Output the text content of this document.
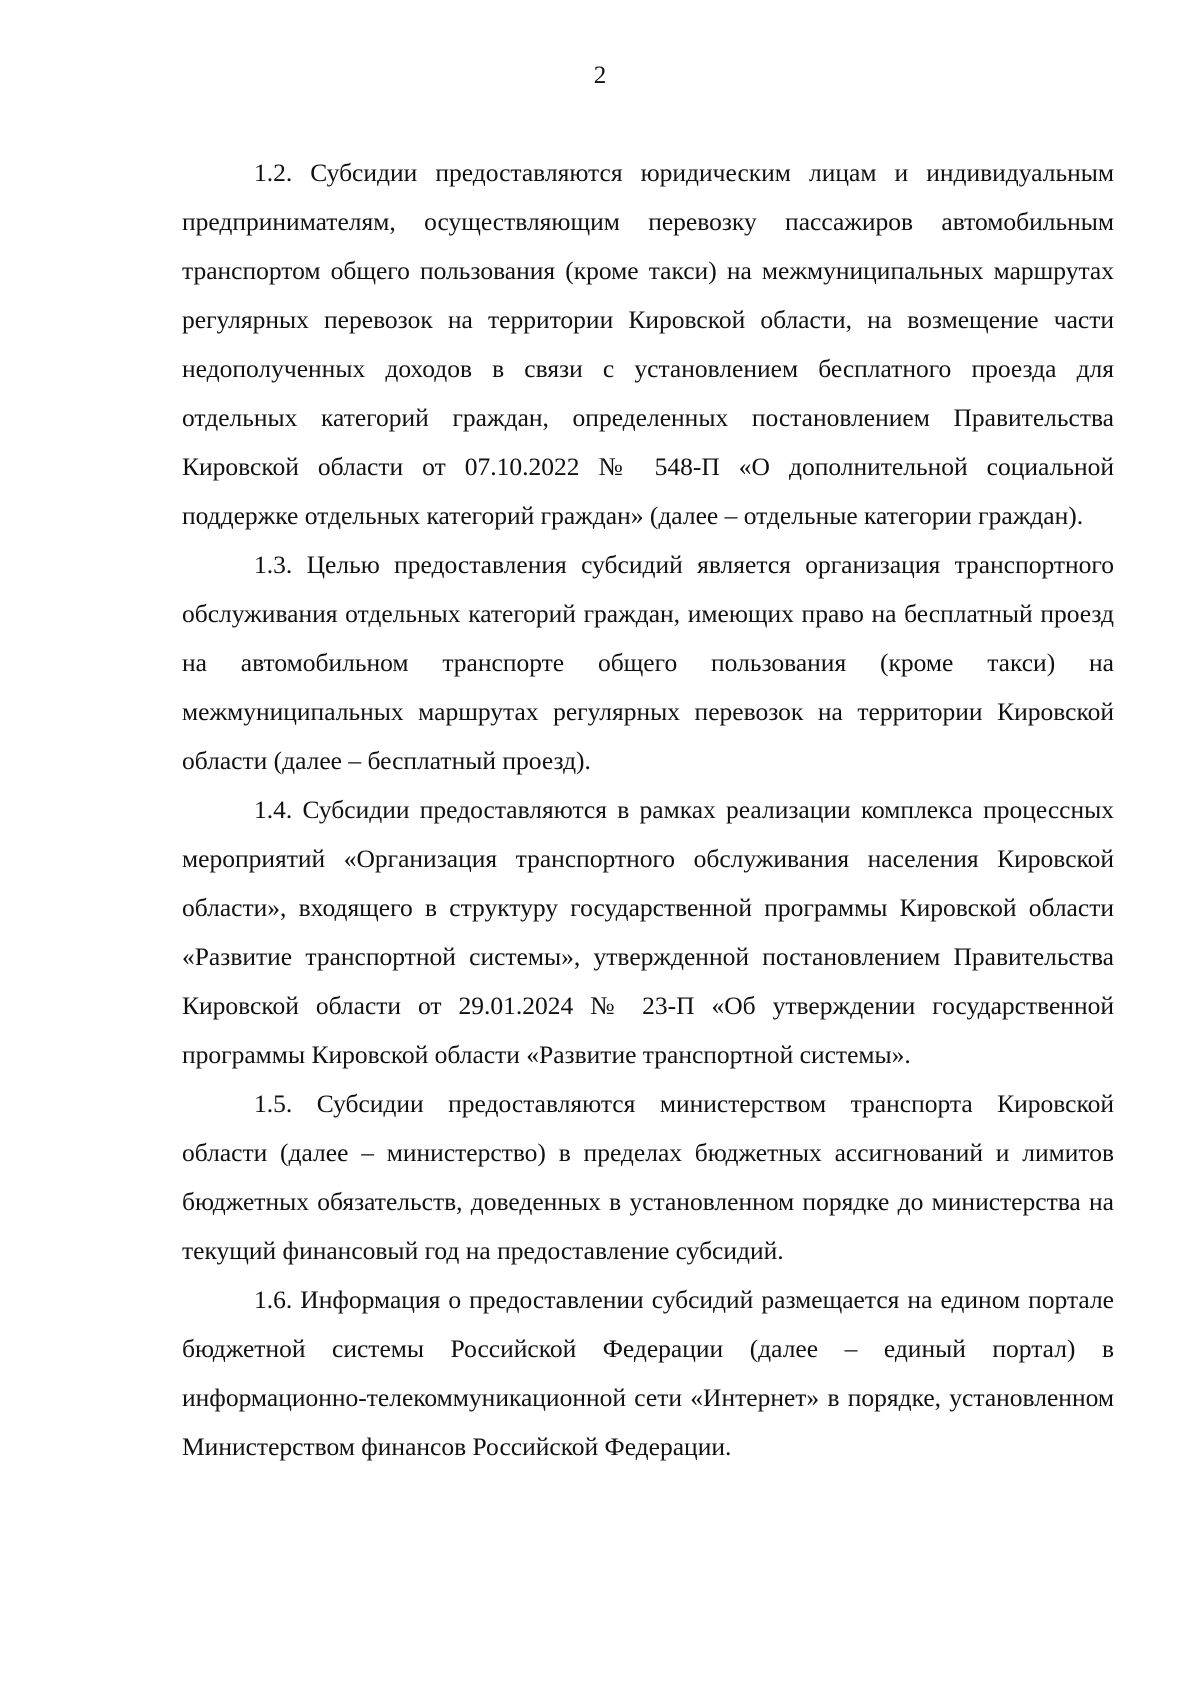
2

1.2. Субсидии предоставляются юридическим лицам и индивидуальным предпринимателям, осуществляющим перевозку пассажиров автомобильным транспортом общего пользования (кроме такси) на межмуниципальных маршрутах регулярных перевозок на территории Кировской области, на возмещение части недополученных доходов в связи с установлением бесплатного проезда для отдельных категорий граждан, определенных постановлением Правительства Кировской области от 07.10.2022 № 548-П «О дополнительной социальной поддержке отдельных категорий граждан» (далее – отдельные категории граждан).

1.3. Целью предоставления субсидий является организация транспортного обслуживания отдельных категорий граждан, имеющих право на бесплатный проезд на автомобильном транспорте общего пользования (кроме такси) на межмуниципальных маршрутах регулярных перевозок на территории Кировской области (далее – бесплатный проезд).

1.4. Субсидии предоставляются в рамках реализации комплекса процессных мероприятий «Организация транспортного обслуживания населения Кировской области», входящего в структуру государственной программы Кировской области «Развитие транспортной системы», утвержденной постановлением Правительства Кировской области от 29.01.2024 № 23-П «Об утверждении государственной программы Кировской области «Развитие транспортной системы».

1.5. Субсидии предоставляются министерством транспорта Кировской области (далее – министерство) в пределах бюджетных ассигнований и лимитов бюджетных обязательств, доведенных в установленном порядке до министерства на текущий финансовый год на предоставление субсидий.

1.6. Информация о предоставлении субсидий размещается на едином портале бюджетной системы Российской Федерации (далее – единый портал) в информационно-телекоммуникационной сети «Интернет» в порядке, установленном Министерством финансов Российской Федерации.
